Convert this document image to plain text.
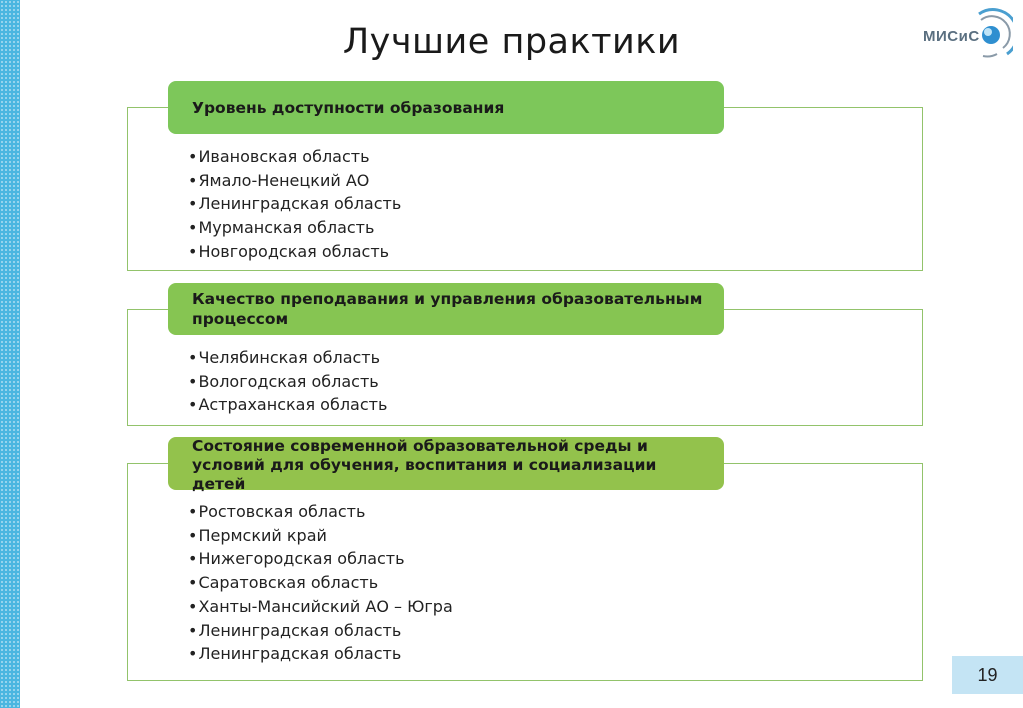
Лучшие практики	МИСиС
Уровень доступности образования
• Ивановская область
• Ямало-Ненецкий АО
• Ленинградская область
• Мурманская область
• Новгородская область
Качество преподавания и управления образовательным процессом
• Челябинская область
• Вологодская область
• Астраханская область
Состояние современной образовательной среды и условий для обучения, воспитания и социализации детей
• Ростовская область
• Пермский край
• Нижегородская область
• Саратовская область
• Ханты-Мансийский АО – Югра
• Ленинградская область
• Ленинградская область
19
